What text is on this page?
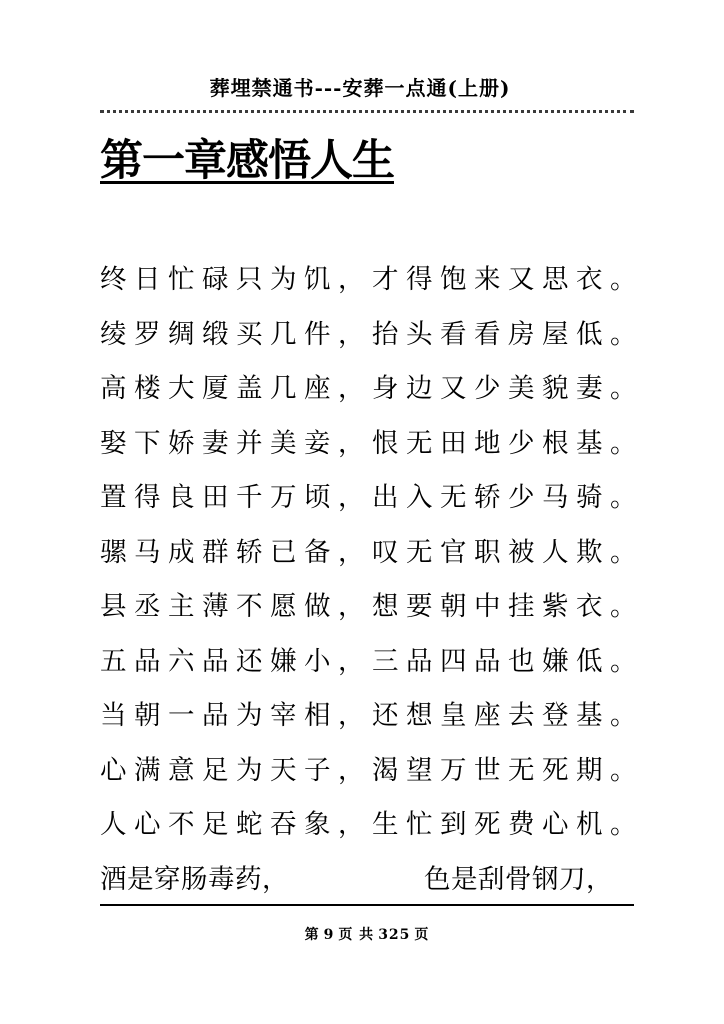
葬埋禁通书---安葬一点通(上册)
第一章感悟人生
终日忙碌只为饥，才得饱来又思衣。
绫罗绸缎买几件，抬头看看房屋低。
高楼大厦盖几座，身边又少美貌妻。
娶下娇妻并美妾，恨无田地少根基。
置得良田千万顷，出入无轿少马骑。
骡马成群轿已备，叹无官职被人欺。
县丞主薄不愿做，想要朝中挂紫衣。
五品六品还嫌小，三品四品也嫌低。
当朝一品为宰相，还想皇座去登基。
心满意足为天子，渴望万世无死期。
人心不足蛇吞象，生忙到死费心机。
酒是穿肠毒药，	色是刮骨钢刀，
第 9 页 共 325 页
